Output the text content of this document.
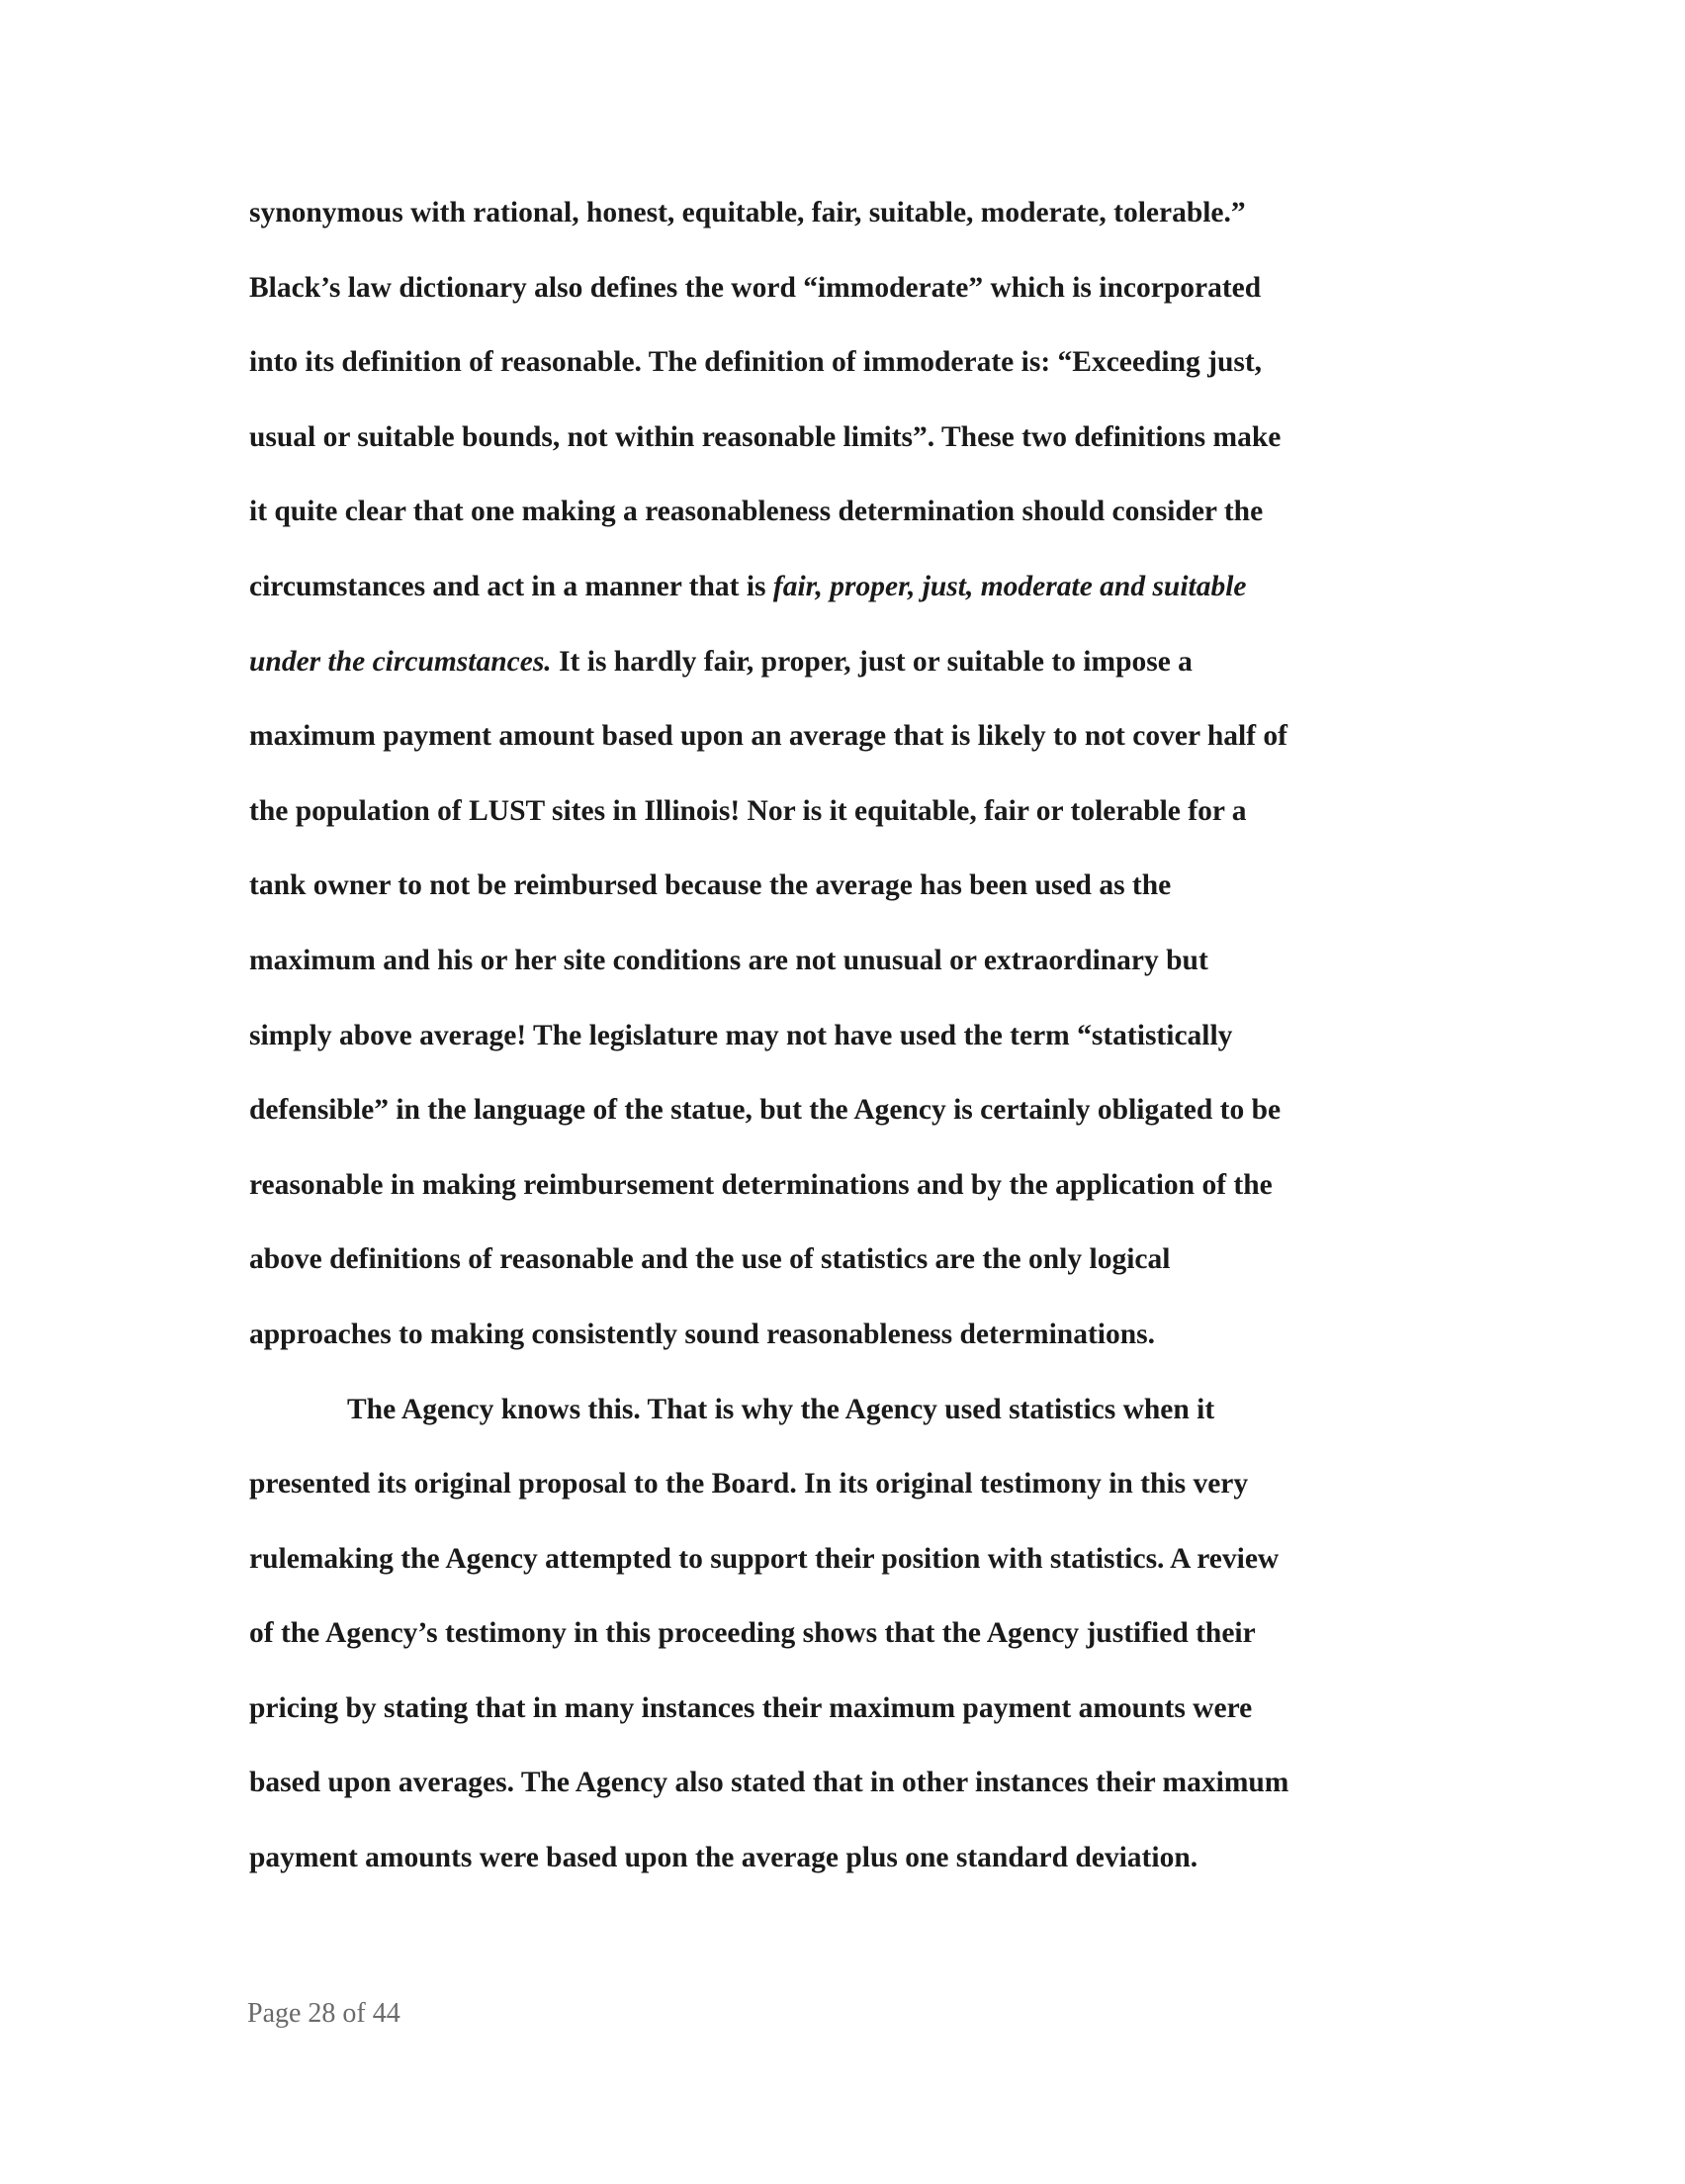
synonymous with rational, honest, equitable, fair, suitable, moderate, tolerable.”
Black’s law dictionary also defines the word “immoderate” which is incorporated
into its definition of reasonable. The definition of immoderate is: “Exceeding just,
usual or suitable bounds, not within reasonable limits”. These two definitions make
it quite clear that one making a reasonableness determination should consider the
circumstances and act in a manner that is fair, proper, just, moderate and suitable
under the circumstances. It is hardly fair, proper, just or suitable to impose a
maximum payment amount based upon an average that is likely to not cover half of
the population of LUST sites in Illinois! Nor is it equitable, fair or tolerable for a
tank owner to not be reimbursed because the average has been used as the
maximum and his or her site conditions are not unusual or extraordinary but
simply above average! The legislature may not have used the term “statistically
defensible” in the language of the statue, but the Agency is certainly obligated to be
reasonable in making reimbursement determinations and by the application of the
above definitions of reasonable and the use of statistics are the only logical
approaches to making consistently sound reasonableness determinations.
The Agency knows this. That is why the Agency used statistics when it
presented its original proposal to the Board. In its original testimony in this very
rulemaking the Agency attempted to support their position with statistics. A review
of the Agency’s testimony in this proceeding shows that the Agency justified their
pricing by stating that in many instances their maximum payment amounts were
based upon averages. The Agency also stated that in other instances their maximum
payment amounts were based upon the average plus one standard deviation.
Page 28 of 44
